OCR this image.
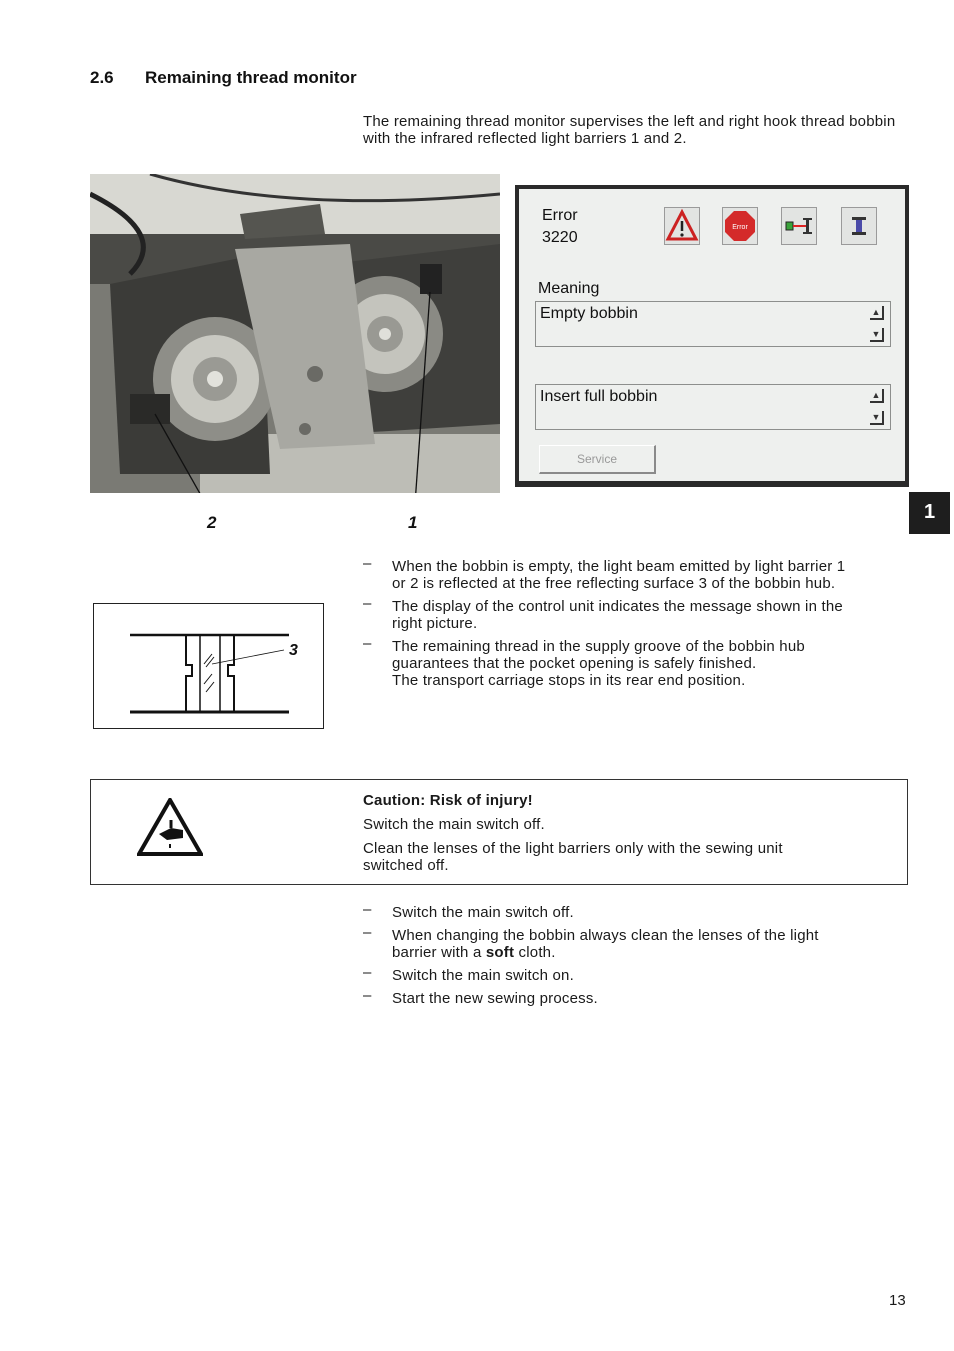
2.6 Remaining thread monitor
The remaining thread monitor supervises the left and right hook thread bobbin with the infrared reflected light barriers 1 and 2.
2	1
Error
3220
Error
Meaning
Empty bobbin	▲
▼
Insert full bobbin	▲
▼
Service
1
– When the bobbin is empty, the light beam emitted by light barrier 1
or 2 is reflected at the free reflecting surface 3 of the bobbin hub.
– The display of the control unit indicates the message shown in the
right picture.
– The remaining thread in the supply groove of the bobbin hub
guarantees that the pocket opening is safely finished.
The transport carriage stops in its rear end position.
3

Caution: Risk of injury!

Switch the main switch off.

Clean the lenses of the light barriers only with the sewing unit
switched off.

– Switch the main switch off.
– When changing the bobbin always clean the lenses of the light
barrier with a soft cloth.
– Switch the main switch on.
– Start the new sewing process.
13
